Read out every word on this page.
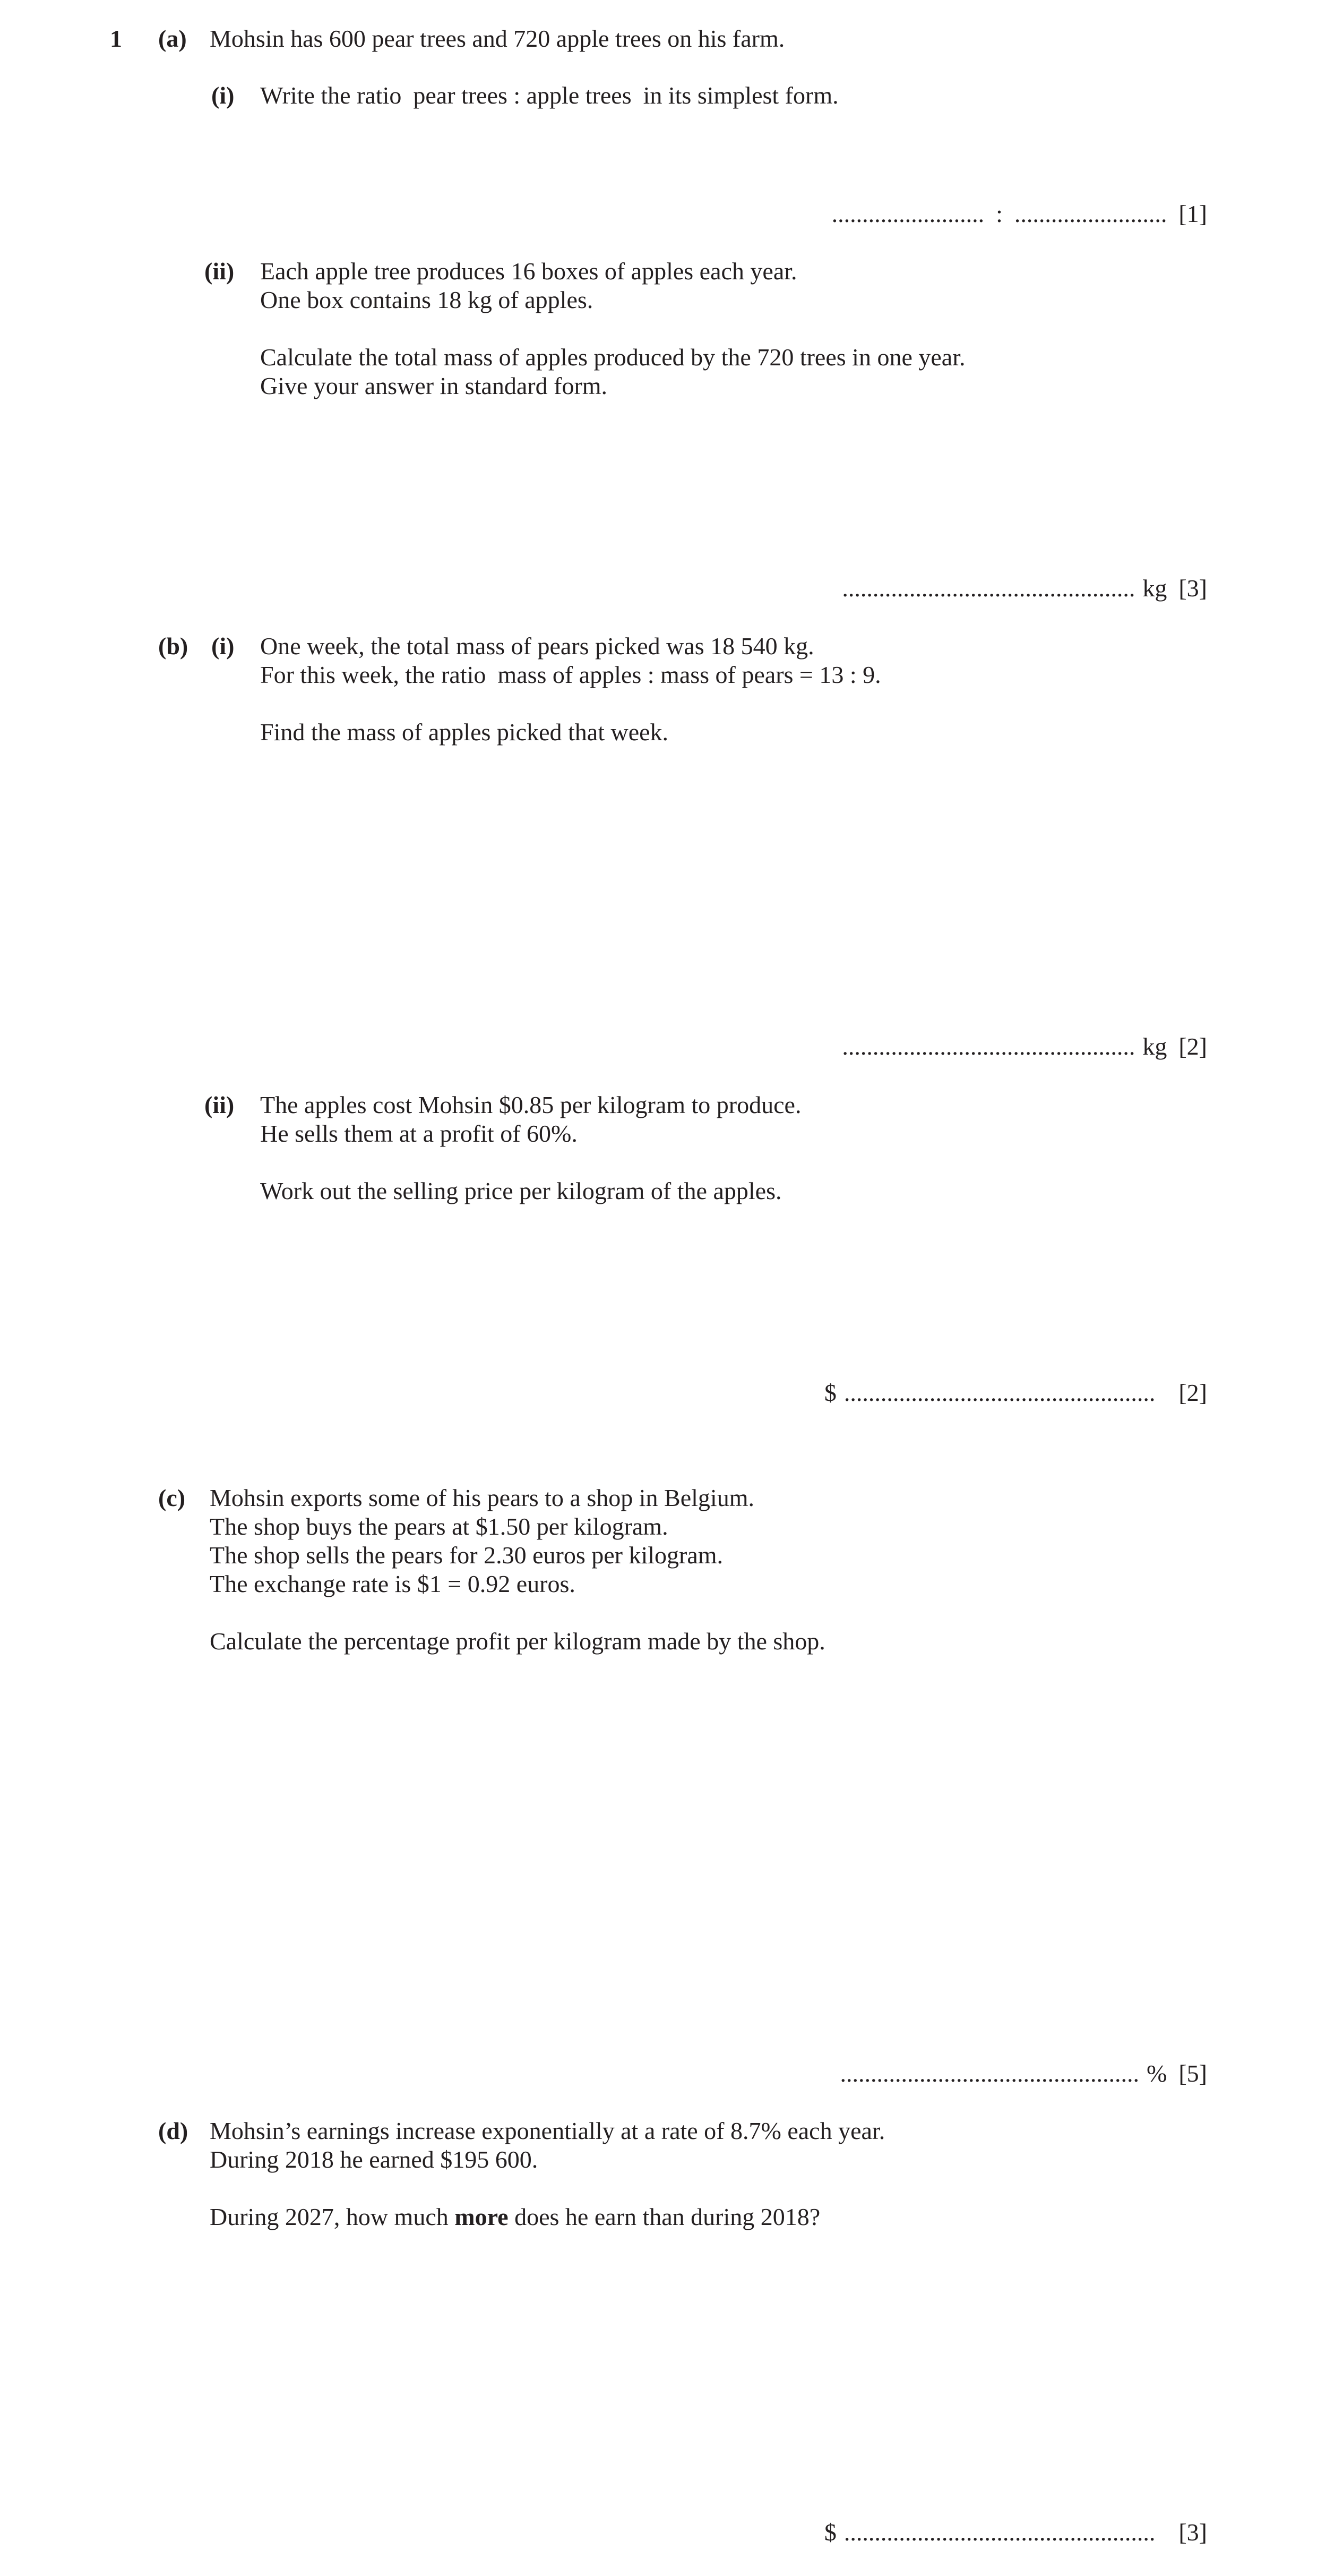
1 (a) Mohsin has 600 pear trees and 720 apple trees on his farm.
(i) Write the ratio pear trees : apple trees in its simplest form.
......................... : ......................... [1]
(ii) Each apple tree produces 16 boxes of apples each year.
One box contains 18 kg of apples.

Calculate the total mass of apples produced by the 720 trees in one year.
Give your answer in standard form.
................................................ kg [3]
(b) (i) One week, the total mass of pears picked was 18 540 kg.
For this week, the ratio mass of apples : mass of pears = 13 : 9.

Find the mass of apples picked that week.
................................................ kg [2]
(ii) The apples cost Mohsin $0.85 per kilogram to produce.
He sells them at a profit of 60%.

Work out the selling price per kilogram of the apples.
$ ................................................... [2]
(c) Mohsin exports some of his pears to a shop in Belgium.
The shop buys the pears at $1.50 per kilogram.
The shop sells the pears for 2.30 euros per kilogram.
The exchange rate is $1 = 0.92 euros.

Calculate the percentage profit per kilogram made by the shop.
................................................. % [5]
(d) Mohsin’s earnings increase exponentially at a rate of 8.7% each year.
During 2018 he earned $195 600.

During 2027, how much more does he earn than during 2018?
$ ................................................... [3]
